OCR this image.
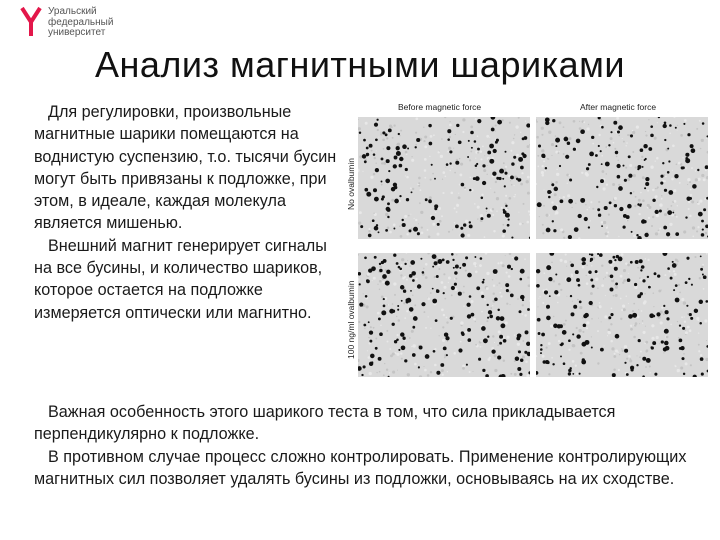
Уральский
федеральный
университет
Анализ магнитными шариками

Для регулировки, произвольные магнитные шарики помещаются на воднистую суспензию, т.о. тысячи бусин могут быть привязаны к подложке, при этом, в идеале, каждая молекула является мишенью.

Внешний магнит генерирует сигналы на все бусины, и количество шариков, которое остается на подложке измеряется оптически или магнитно.

Before magnetic force	After magnetic force
No ovalbumin
100 ng/ml ovalbumin

Важная особенность этого шарикого теста в том, что сила прикладывается перпендикулярно к подложке.

В противном случае процесс сложно контролировать. Применение контролирующих магнитных сил позволяет удалять бусины из подложки, основываясь на их сходстве.
